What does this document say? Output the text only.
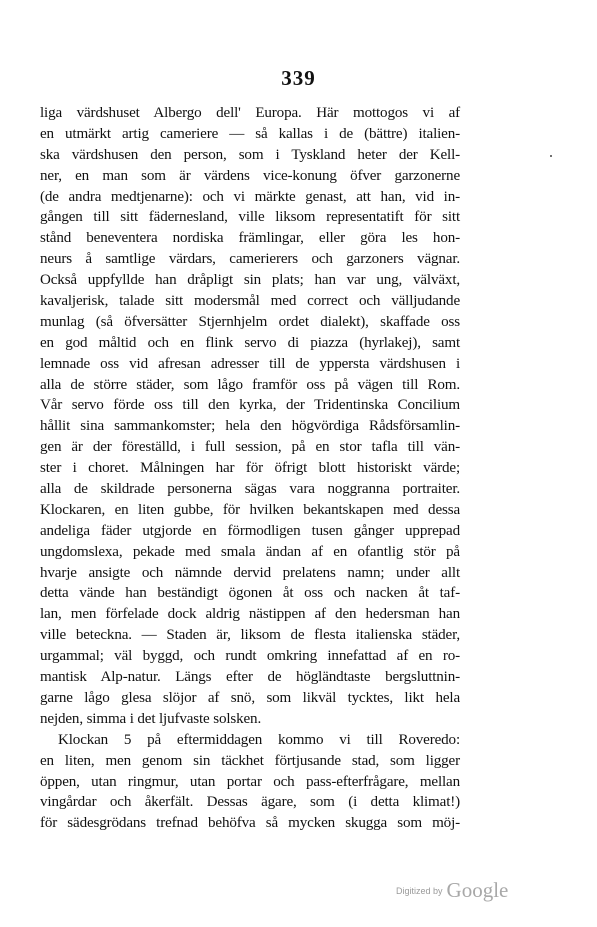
339
liga värdshuset Albergo dell' Europa. Här mottogos vi af
en utmärkt artig cameriere — så kallas i de (bättre) italien-
ska värdshusen den person, som i Tyskland heter der Kell-
ner, en man som är värdens vice-konung öfver garzonerne
(de andra medtjenarne): och vi märkte genast, att han, vid in-
gången till sitt fädernesland, ville liksom representatift för sitt
stånd beneventera nordiska främlingar, eller göra les hon-
neurs å samtlige värdars, camerierers och garzoners vägnar.
Också uppfyllde han dråpligt sin plats; han var ung, välväxt,
kavaljerisk, talade sitt modersmål med correct och välljudande
munlag (så öfversätter Stjernhjelm ordet dialekt), skaffade oss
en god måltid och en flink servo di piazza (hyrlakej), samt
lemnade oss vid afresan adresser till de yppersta värdshusen i
alla de större städer, som lågo framför oss på vägen till Rom.
Vår servo förde oss till den kyrka, der Tridentinska Concilium
hållit sina sammankomster; hela den högvördiga Rådsförsamlin-
gen är der föreställd, i full session, på en stor tafla till vän-
ster i choret. Målningen har för öfrigt blott historiskt värde;
alla de skildrade personerna sägas vara noggranna portraiter.
Klockaren, en liten gubbe, för hvilken bekantskapen med dessa
andeliga fäder utgjorde en förmodligen tusen gånger upprepad
ungdomslexa, pekade med smala ändan af en ofantlig stör på
hvarje ansigte och nämnde dervid prelatens namn; under allt
detta vände han beständigt ögonen åt oss och nacken åt taf-
lan, men förfelade dock aldrig nästippen af den hedersman han
ville beteckna. — Staden är, liksom de flesta italienska städer,
urgammal; väl byggd, och rundt omkring innefattad af en ro-
mantisk Alp-natur. Längs efter de högländtaste bergsluttnin-
garne lågo glesa slöjor af snö, som likväl tycktes, likt hela
nejden, simma i det ljufvaste solsken.
Klockan 5 på eftermiddagen kommo vi till Roveredo:
en liten, men genom sin täckhet förtjusande stad, som ligger
öppen, utan ringmur, utan portar och pass-efterfrågare, mellan
vingårdar och åkerfält. Dessas ägare, som (i detta klimat!)
för sädesgrödans trefnad behöfva så mycken skugga som möj-
Digitized by Google
